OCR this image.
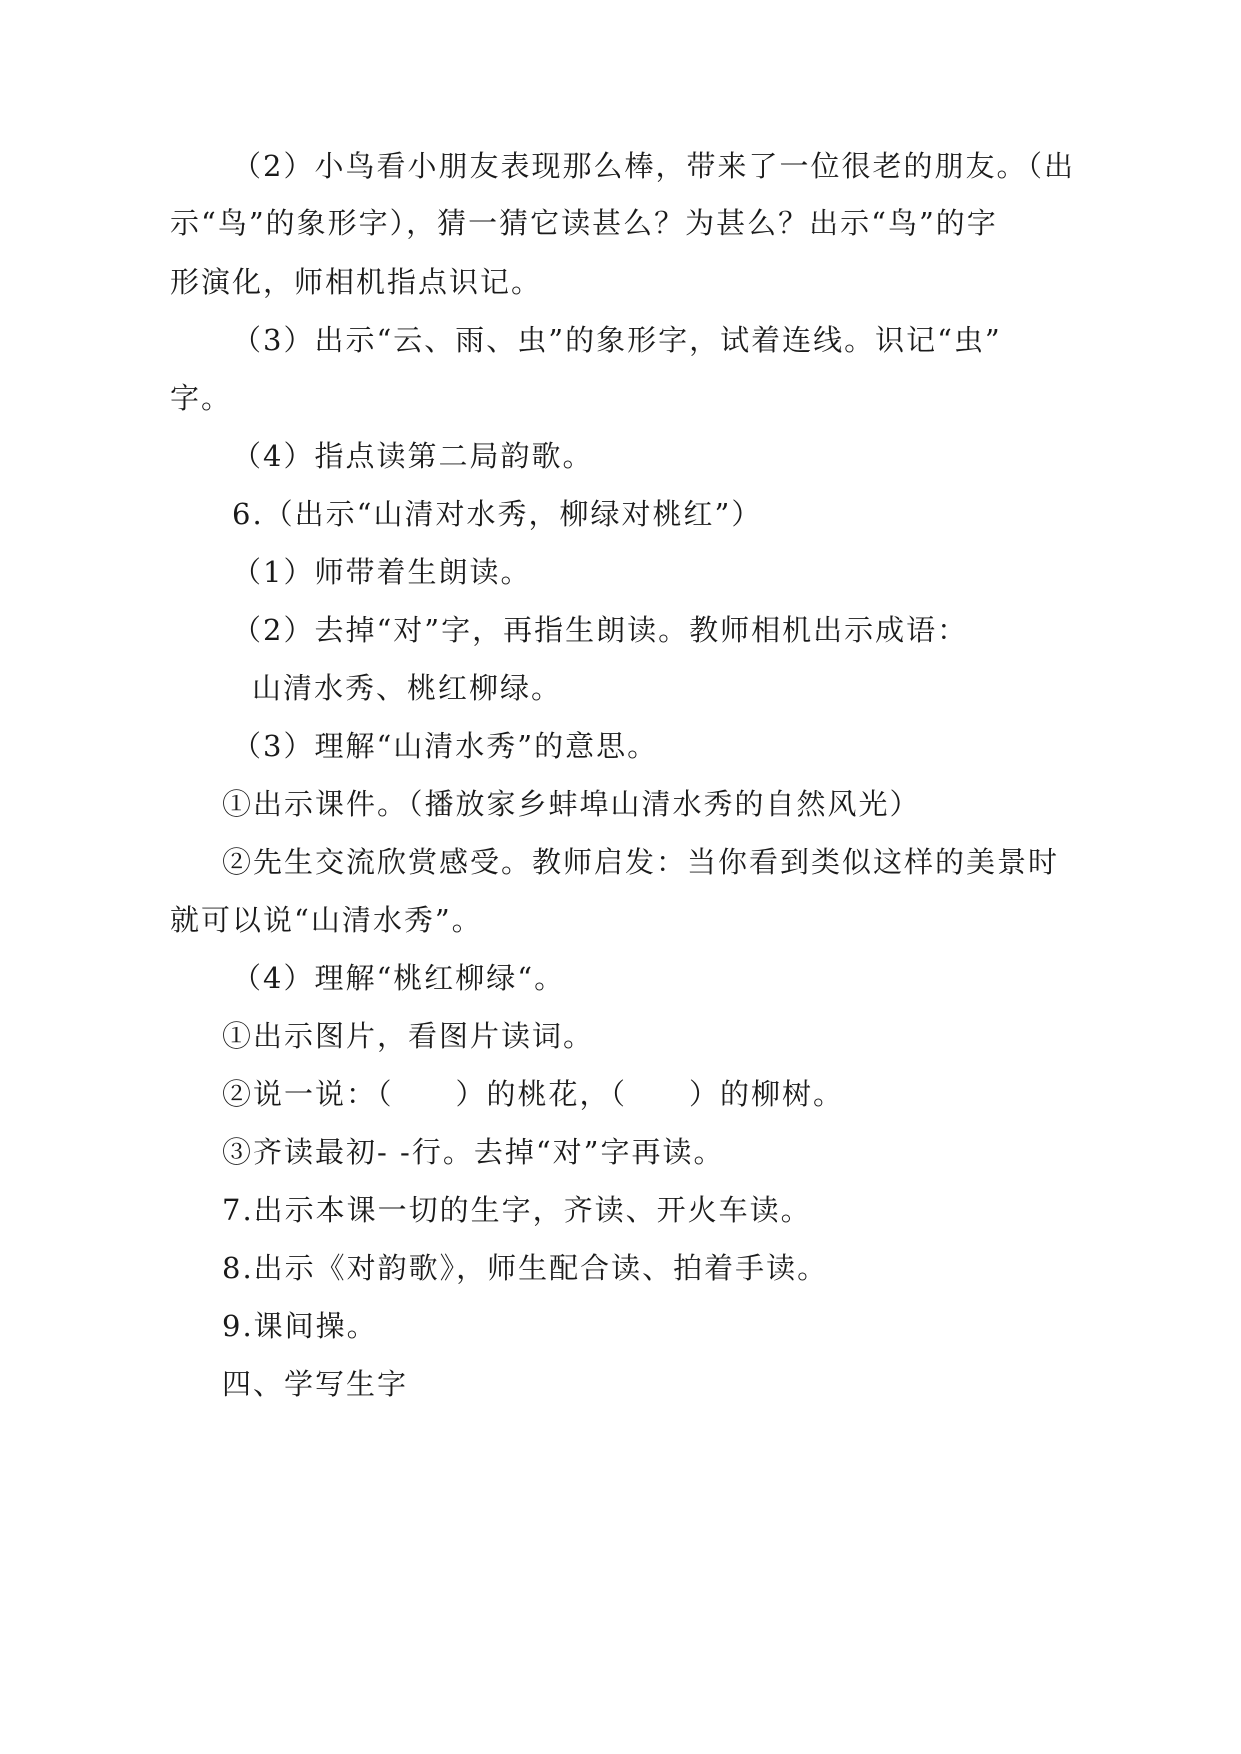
（2）小鸟看小朋友表现那么棒，带来了一位很老的朋友。（出
示“鸟”的象形字），猜一猜它读甚么？为甚么？出示“鸟”的字
形演化，师相机指点识记。
（3）出示“云、雨、虫”的象形字，试着连线。识记“虫”
字。
（4）指点读第二局韵歌。
6.（出示“山清对水秀，柳绿对桃红”）
（1）师带着生朗读。
（2）去掉“对”字，再指生朗读。教师相机出示成语：
山清水秀、桃红柳绿。
（3）理解“山清水秀”的意思。
①出示课件。（播放家乡蚌埠山清水秀的自然风光）
②先生交流欣赏感受。教师启发：当你看到类似这样的美景时
就可以说“山清水秀”。
（4）理解“桃红柳绿“。
①出示图片，看图片读词。
②说一说：（　　）的桃花，（　　）的柳树。
③齐读最初- -行。去掉“对”字再读。
7.出示本课一切的生字，齐读、开火车读。
8.出示《对韵歌》，师生配合读、拍着手读。
9.课间操。
四、学写生字
